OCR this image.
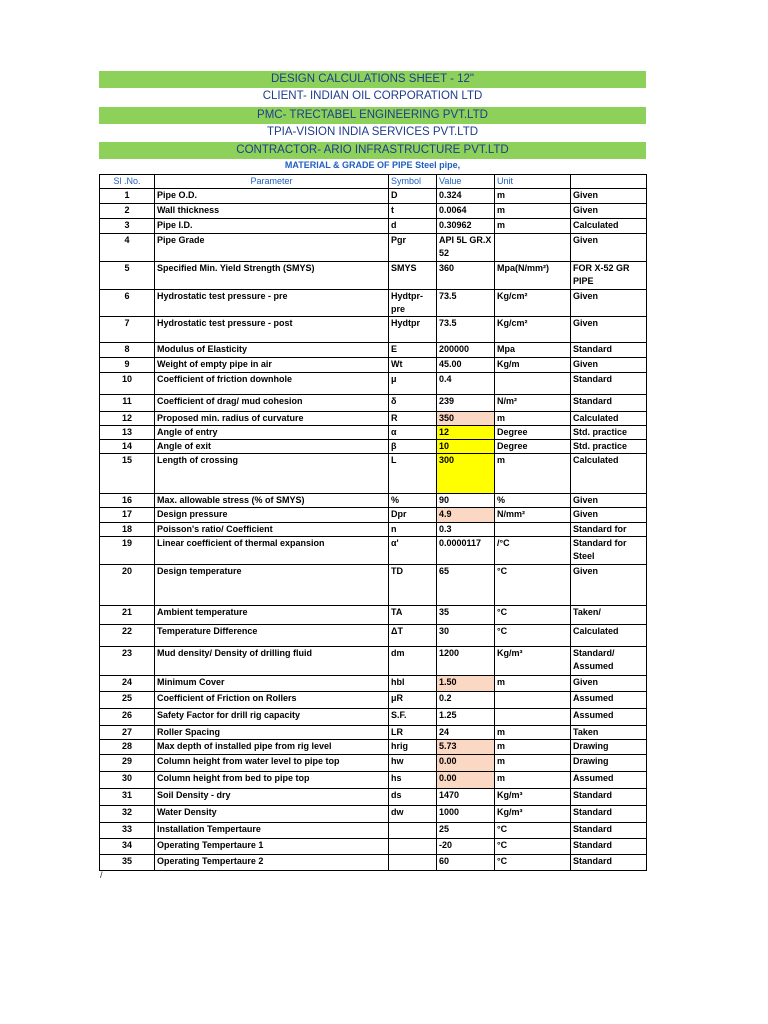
DESIGN CALCULATIONS SHEET - 12"
CLIENT- INDIAN OIL CORPORATION LTD
PMC- TRECTABEL ENGINEERING PVT.LTD
TPIA-VISION INDIA SERVICES PVT.LTD
CONTRACTOR- ARIO INFRASTRUCTURE PVT.LTD
MATERIAL & GRADE OF PIPE Steel pipe,
Sl .No.	Parameter	Symbol	Value	Unit	
1	Pipe O.D.	D	0.324	m	Given
2	Wall thickness	t	0.0064	m	Given
3	Pipe I.D.	d	0.30962	m	Calculated
4	Pipe Grade	Pgr	API 5L GR.X 52		Given
5	Specified Min. Yield Strength (SMYS)	SMYS	360	Mpa(N/mm²)	FOR X-52 GR PIPE
6	Hydrostatic test pressure - pre	Hydtpr-pre	73.5	Kg/cm²	Given
7	Hydrostatic test pressure - post	Hydtpr	73.5	Kg/cm²	Given
8	Modulus of Elasticity	E	200000	Mpa	Standard
9	Weight of empty pipe in air	Wt	45.00	Kg/m	Given
10	Coefficient of friction downhole	μ	0.4		Standard
11	Coefficient of drag/ mud cohesion	δ	239	N/m²	Standard
12	Proposed min. radius of curvature	R	350	m	Calculated
13	Angle of entry	α	12	Degree	Std. practice
14	Angle of exit	β	10	Degree	Std. practice
15	Length of crossing	L	300	m	Calculated
16	Max. allowable stress (% of SMYS)	%	90	%	Given
17	Design pressure	Dpr	4.9	N/mm²	Given
18	Poisson's ratio/ Coefficient	n	0.3		Standard for
19	Linear coefficient of thermal expansion	α'	0.0000117	/°C	Standard for Steel
20	Design temperature	TD	65	°C	Given
21	Ambient temperature	TA	35	°C	Taken/
22	Temperature Difference	ΔT	30	°C	Calculated
23	Mud density/ Density of drilling fluid	dm	1200	Kg/m³	Standard/ Assumed
24	Minimum Cover	hbl	1.50	m	Given
25	Coefficient of Friction on Rollers	μR	0.2		Assumed
26	Safety Factor for drill rig capacity	S.F.	1.25		Assumed
27	Roller Spacing	LR	24	m	Taken
28	Max depth of installed pipe from rig level	hrig	5.73	m	Drawing
29	Column height from water level to pipe top	hw	0.00	m	Drawing
30	Column height from bed to pipe top	hs	0.00	m	Assumed
31	Soil Density - dry	ds	1470	Kg/m³	Standard
32	Water Density	dw	1000	Kg/m³	Standard
33	Installation Tempertaure		25	°C	Standard
34	Operating Tempertaure 1		-20	°C	Standard
35	Operating Tempertaure 2		60	°C	Standard
/
